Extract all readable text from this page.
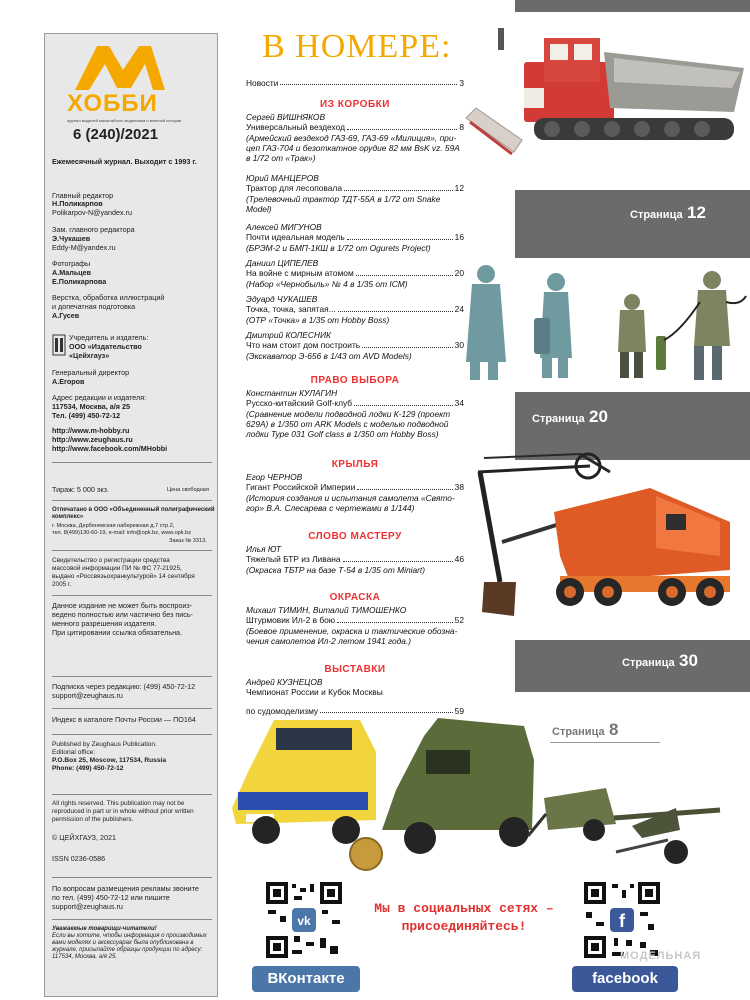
ХОББИ
журнал моделей масштабного моделизма и военной истории
6 (240)/2021
Ежемесячный журнал. Выходит с 1993 г.
Главный редактор
Н.Поликарпов
Polikarpov-N@yandex.ru
Зам. главного редактора
Э.Чукашев
Eddy-M@yandex.ru
Фотографы
А.Мальцев
Е.Поликарпова
Верстка, обработка иллюстраций
и допечатная подготовка
А.Гусев
Учредитель и издатель:
ООО «Издательство
«Цейхгауз»
Генеральный директор
А.Егоров
Адрес редакции и издателя:
117534, Москва, а/я 25
Тел. (499) 450-72-12
http://www.m-hobby.ru
http://www.zeughaus.ru
http://www.facebook.com/MHobbi
Тираж: 5 000 экз.	Цена свободная
Отпечатано в ООО «Объединенный полиграфический
комплекс»
г. Москва, Дербеневская набережная д.7 стр.2,
тел. 8(499)130-60-19, e-mail: info@opk.bz, www.opk.bz
Заказ № 3313.
Свидетельство о регистрации средства
массовой информации ПИ № ФС 77-21925,
выдано «Россвязьохранкультурой» 14 сентября
2005 г.
Данное издание не может быть воспроиз-
ведено полностью или частично без пись-
менного разрешения издателя.
При цитировании ссылка обязательна.
Подписка через редакцию: (499) 450-72-12
support@zeughaus.ru
Индекс в каталоге Почты России — ПО164
Published by Zeughaus Publication.
Editorial office:
P.O.Box 25, Moscow, 117534, Russia
Phone: (499) 450-72-12
All rights reserved. This publication may not be
reproduced in part or in whole without prior written
permission of the publishers.
© ЦЕЙХГАУЗ, 2021
ISSN 0236-0586
По вопросам размещения рекламы звоните
по тел. (499) 450-72-12 или пишите
support@zeughaus.ru
Уважаемые товарищи-читатели!
Если вы хотите, чтобы информация о производимых
вами моделях и аксессуарах была опубликована в
журнале, присылайте образцы продукции по адресу:
117534, Москва, а/я 25.
В НОМЕРЕ:
Новости	3
ИЗ КОРОБКИ
Сергей ВИШНЯКОВ
Универсальный вездеход	8
(Армейский вездеход ГАЗ-69, ГАЗ-69 «Милиция», при-
цеп ГАЗ-704 и безоткатное орудие 82 мм BsK vz. 59A
в 1/72 от «Трак»)
Юрий МАНЦЕРОВ
Трактор для лесоповала	12
(Трелевочный трактор ТДТ-55А в 1/72 от Snake
Model)
Алексей МИГУНОВ
Почти идеальная модель	16
(БРЭМ-2 и БМП-1КШ в 1/72 от Ogurets Project)
Даниил ЦИПЕЛЕВ
На войне с мирным атомом	20
(Набор «Чернобыль» № 4 в 1/35 от ICM)
Эдуард ЧУКАШЕВ
Точка, точка, запятая...	24
(ОТР «Точка» в 1/35 от Hobby Boss)
Дмитрий КОЛЕСНИК
Что нам стоит дом построить	30
(Экскаватор Э-656 в 1/43 от AVD Models)
ПРАВО ВЫБОРА
Константин КУЛАГИН
Русско-китайский Golf-клуб	34
(Сравнение модели подводной лодки К-129 (проект
629А) в 1/350 от ARK Models с моделью подводной
лодки Type 031 Golf class в 1/350 от Hobby Boss)
КРЫЛЬЯ
Егор ЧЕРНОВ
Гигант Российской Империи	38
(История создания и испытания самолета «Свято-
гор» В.А. Слесарева с чертежами в 1/144)
СЛОВО МАСТЕРУ
Илья ЮТ
Тяжелый БТР из Ливана	46
(Окраска ТБТР на базе Т-54 в 1/35 от Miniart)
ОКРАСКА
Михаил ТИМИН, Виталий ТИМОШЕНКО
Штурмовик Ил-2 в бою	52
(Боевое применение, окраска и тактические обозна-
чения самолетов Ил-2 летом 1941 года.)
ВЫСТАВКИ
Андрей КУЗНЕЦОВ
Чемпионат России и Кубок Москвы
по судомоделизму	59
Страница 12
Страница 20
Страница 30
Страница 8
vk
ВКонтакте
Мы в социальных сетях –
присоединяйтесь!	f
facebook
МОДЕЛЬНАЯ
